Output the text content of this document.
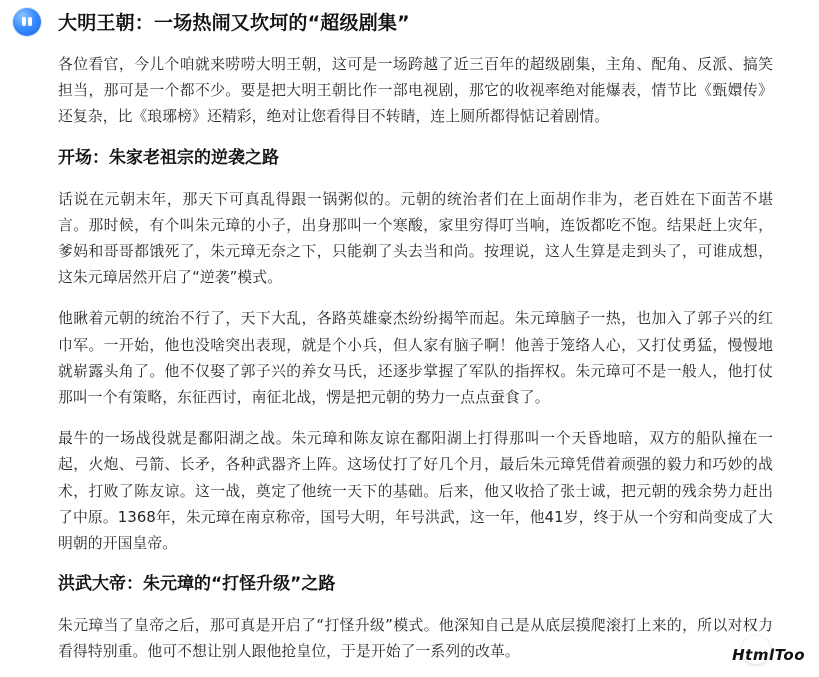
大明王朝：一场热闹又坎坷的“超级剧集”

各位看官，今儿个咱就来唠唠大明王朝，这可是一场跨越了近三百年的超级剧集，主角、配角、反派、搞笑担当，那可是一个都不少。要是把大明王朝比作一部电视剧，那它的收视率绝对能爆表，情节比《甄嬛传》还复杂，比《琅琊榜》还精彩，绝对让您看得目不转睛，连上厕所都得惦记着剧情。

开场：朱家老祖宗的逆袭之路

话说在元朝末年，那天下可真乱得跟一锅粥似的。元朝的统治者们在上面胡作非为，老百姓在下面苦不堪言。那时候，有个叫朱元璋的小子，出身那叫一个寒酸，家里穷得叮当响，连饭都吃不饱。结果赶上灾年，爹妈和哥哥都饿死了，朱元璋无奈之下，只能剃了头去当和尚。按理说，这人生算是走到头了，可谁成想，这朱元璋居然开启了“逆袭”模式。

他瞅着元朝的统治不行了，天下大乱，各路英雄豪杰纷纷揭竿而起。朱元璋脑子一热，也加入了郭子兴的红巾军。一开始，他也没啥突出表现，就是个小兵，但人家有脑子啊！他善于笼络人心，又打仗勇猛，慢慢地就崭露头角了。他不仅娶了郭子兴的养女马氏，还逐步掌握了军队的指挥权。朱元璋可不是一般人，他打仗那叫一个有策略，东征西讨，南征北战，愣是把元朝的势力一点点蚕食了。

最牛的一场战役就是鄱阳湖之战。朱元璋和陈友谅在鄱阳湖上打得那叫一个天昏地暗，双方的船队撞在一起，火炮、弓箭、长矛，各种武器齐上阵。这场仗打了好几个月，最后朱元璋凭借着顽强的毅力和巧妙的战术，打败了陈友谅。这一战，奠定了他统一天下的基础。后来，他又收拾了张士诚，把元朝的残余势力赶出了中原。1368年，朱元璋在南京称帝，国号大明，年号洪武，这一年，他41岁，终于从一个穷和尚变成了大明朝的开国皇帝。

洪武大帝：朱元璋的“打怪升级”之路

朱元璋当了皇帝之后，那可真是开启了“打怪升级”模式。他深知自己是从底层摸爬滚打上来的，所以对权力看得特别重。他可不想让别人跟他抢皇位，于是开始了一系列的改革。	HtmlToo
